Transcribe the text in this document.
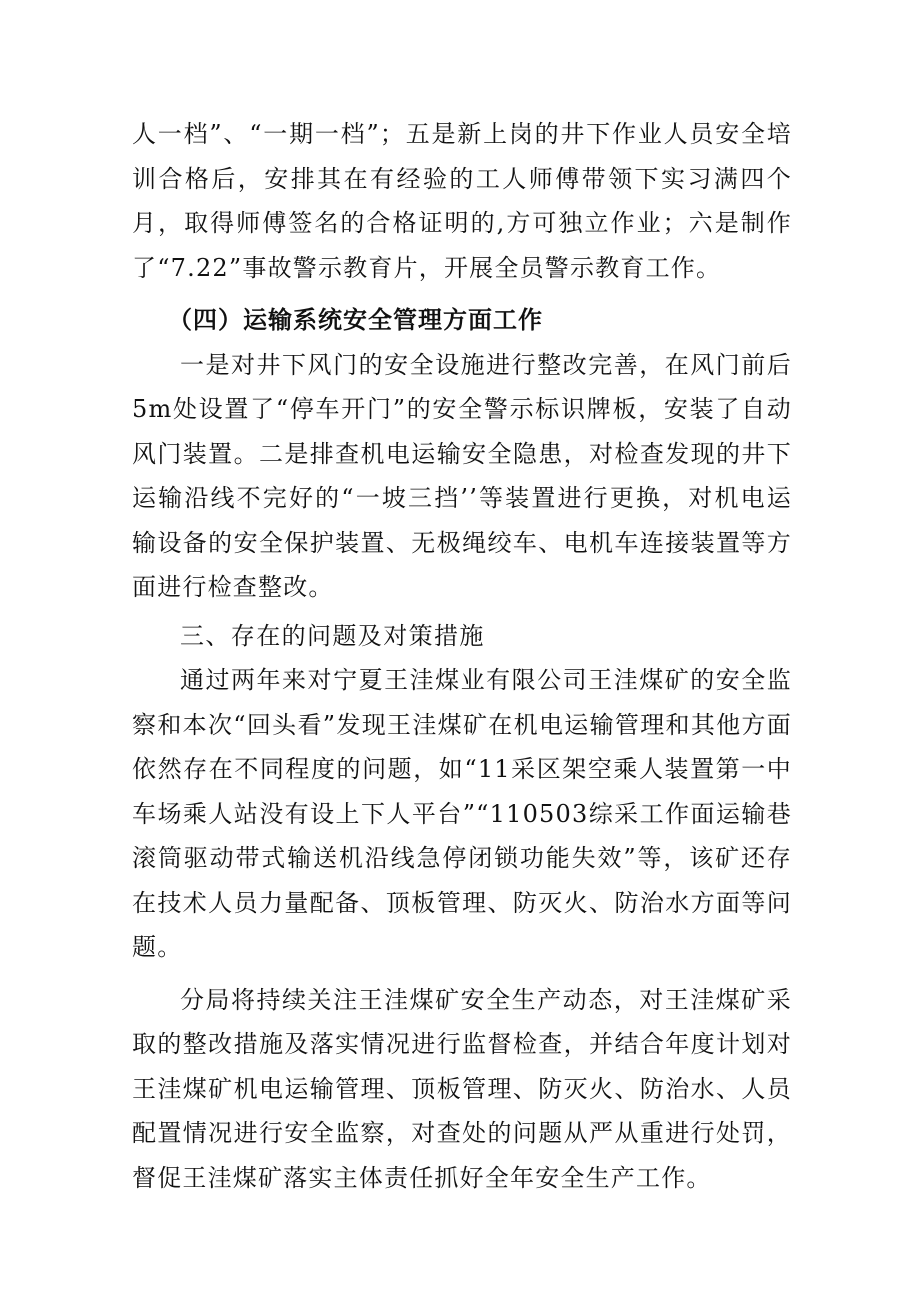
人一档”、“一期一档”；五是新上岗的井下作业人员安全培训合格后，安排其在有经验的工人师傅带领下实习满四个月，取得师傅签名的合格证明的,方可独立作业；六是制作了“7.22”事故警示教育片，开展全员警示教育工作。

（四）运输系统安全管理方面工作

一是对井下风门的安全设施进行整改完善，在风门前后5m处设置了“停车开门”的安全警示标识牌板，安装了自动风门装置。二是排查机电运输安全隐患，对检查发现的井下运输沿线不完好的“一坡三挡’’等装置进行更换，对机电运输设备的安全保护装置、无极绳绞车、电机车连接装置等方面进行检查整改。

三、存在的问题及对策措施

通过两年来对宁夏王洼煤业有限公司王洼煤矿的安全监察和本次“回头看”发现王洼煤矿在机电运输管理和其他方面依然存在不同程度的问题，如“11采区架空乘人装置第一中车场乘人站没有设上下人平台”“110503综采工作面运输巷滚筒驱动带式输送机沿线急停闭锁功能失效”等，该矿还存在技术人员力量配备、顶板管理、防灭火、防治水方面等问题。

分局将持续关注王洼煤矿安全生产动态，对王洼煤矿采取的整改措施及落实情况进行监督检查，并结合年度计划对王洼煤矿机电运输管理、顶板管理、防灭火、防治水、人员配置情况进行安全监察，对查处的问题从严从重进行处罚，督促王洼煤矿落实主体责任抓好全年安全生产工作。
